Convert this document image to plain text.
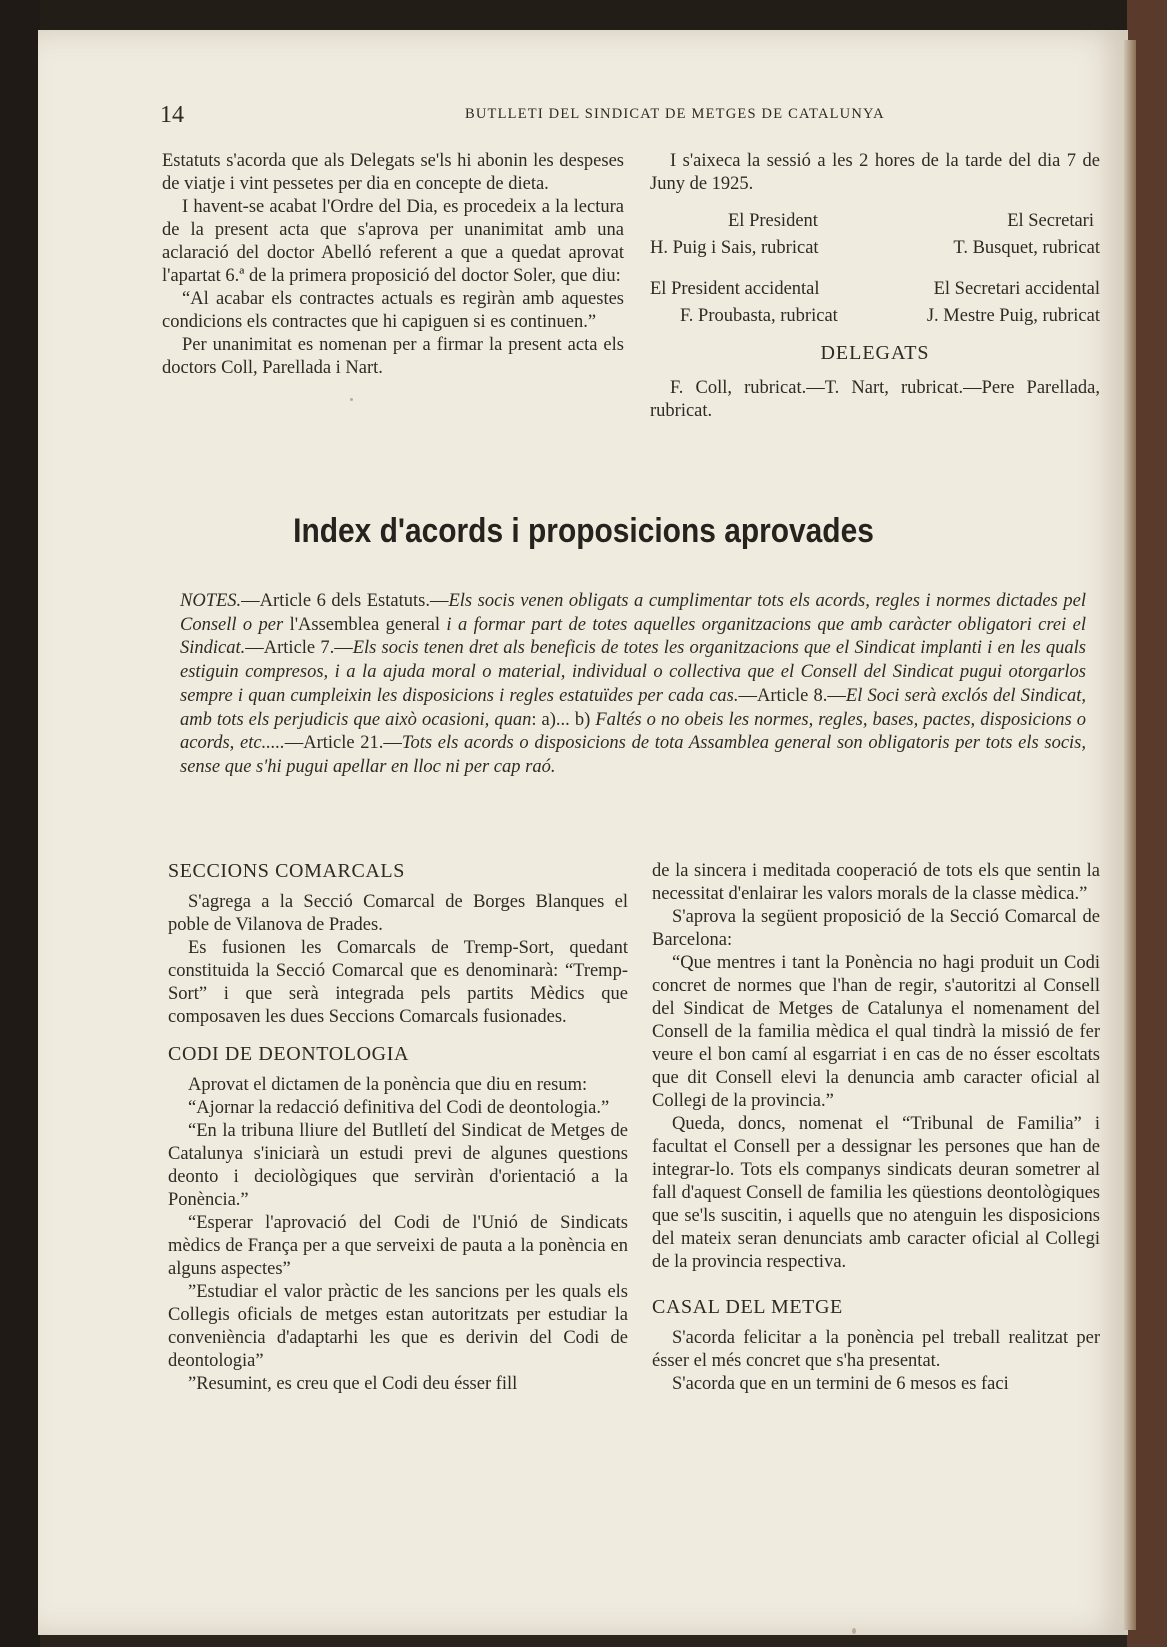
14	BUTLLETI DEL SINDICAT DE METGES DE CATALUNYA

Estatuts s'acorda que als Delegats se'ls hi abonin les despeses de viatje i vint pessetes per dia en concepte de dieta.

I havent-se acabat l'Ordre del Dia, es procedeix a la lectura de la present acta que s'aprova per unanimitat amb una aclaració del doctor Abelló referent a que a quedat aprovat l'apartat 6.ª de la primera proposició del doctor Soler, que diu:

“Al acabar els contractes actuals es regiràn amb aquestes condicions els contractes que hi capiguen si es continuen.”

Per unanimitat es nomenan per a firmar la present acta els doctors Coll, Parellada i Nart.

I s'aixeca la sessió a les 2 hores de la tarde del dia 7 de Juny de 1925.

El President	El Secretari
H. Puig i Sais, rubricat	T. Busquet, rubricat
El President accidental	El Secretari accidental
F. Proubasta, rubricat	J. Mestre Puig, rubricat
DELEGATS

F. Coll, rubricat.—T. Nart, rubricat.—Pere Parellada, rubricat.

Index d'acords i proposicions aprovades
NOTES.—Article 6 dels Estatuts.—Els socis venen obligats a cumplimentar tots els acords, regles i normes dictades pel Consell o per l'Assemblea general i a formar part de totes aquelles organitzacions que amb caràcter obligatori crei el Sindicat.—Article 7.—Els socis tenen dret als beneficis de totes les organitzacions que el Sindicat implanti i en les quals estiguin compresos, i a la ajuda moral o material, individual o collectiva que el Consell del Sindicat pugui otorgarlos sempre i quan cumpleixin les disposicions i regles estatuïdes per cada cas.—Article 8.—El Soci serà exclós del Sindicat, amb tots els perjudicis que això ocasioni, quan: a)... b) Faltés o no obeis les normes, regles, bases, pactes, disposicions o acords, etc.....—Article 21.—Tots els acords o disposicions de tota Assamblea general son obligatoris per tots els socis, sense que s'hi pugui apellar en lloc ni per cap raó.
SECCIONS COMARCALS

S'agrega a la Secció Comarcal de Borges Blanques el poble de Vilanova de Prades.

Es fusionen les Comarcals de Tremp-Sort, quedant constituida la Secció Comarcal que es denominarà: “Tremp-Sort” i que serà integrada pels partits Mèdics que composaven les dues Seccions Comarcals fusionades.

CODI DE DEONTOLOGIA

Aprovat el dictamen de la ponència que diu en resum:

“Ajornar la redacció definitiva del Codi de deontologia.”

“En la tribuna lliure del Butlletí del Sindicat de Metges de Catalunya s'iniciarà un estudi previ de algunes questions deonto i deciològiques que serviràn d'orientació a la Ponència.”

“Esperar l'aprovació del Codi de l'Unió de Sindicats mèdics de França per a que serveixi de pauta a la ponència en alguns aspectes”

”Estudiar el valor pràctic de les sancions per les quals els Collegis oficials de metges estan autoritzats per estudiar la conveniència d'adaptarhi les que es derivin del Codi de deontologia”

”Resumint, es creu que el Codi deu ésser fill

de la sincera i meditada cooperació de tots els que sentin la necessitat d'enlairar les valors morals de la classe mèdica.”

S'aprova la següent proposició de la Secció Comarcal de Barcelona:

“Que mentres i tant la Ponència no hagi produit un Codi concret de normes que l'han de regir, s'autoritzi al Consell del Sindicat de Metges de Catalunya el nomenament del Consell de la familia mèdica el qual tindrà la missió de fer veure el bon camí al esgarriat i en cas de no ésser escoltats que dit Consell elevi la denuncia amb caracter oficial al Collegi de la provincia.”

Queda, doncs, nomenat el “Tribunal de Familia” i facultat el Consell per a dessignar les persones que han de integrar-lo. Tots els companys sindicats deuran sometrer al fall d'aquest Consell de familia les qüestions deontològiques que se'ls suscitin, i aquells que no atenguin les disposicions del mateix seran denunciats amb caracter oficial al Collegi de la provincia respectiva.

CASAL DEL METGE

S'acorda felicitar a la ponència pel treball realitzat per ésser el més concret que s'ha presentat.

S'acorda que en un termini de 6 mesos es faci
